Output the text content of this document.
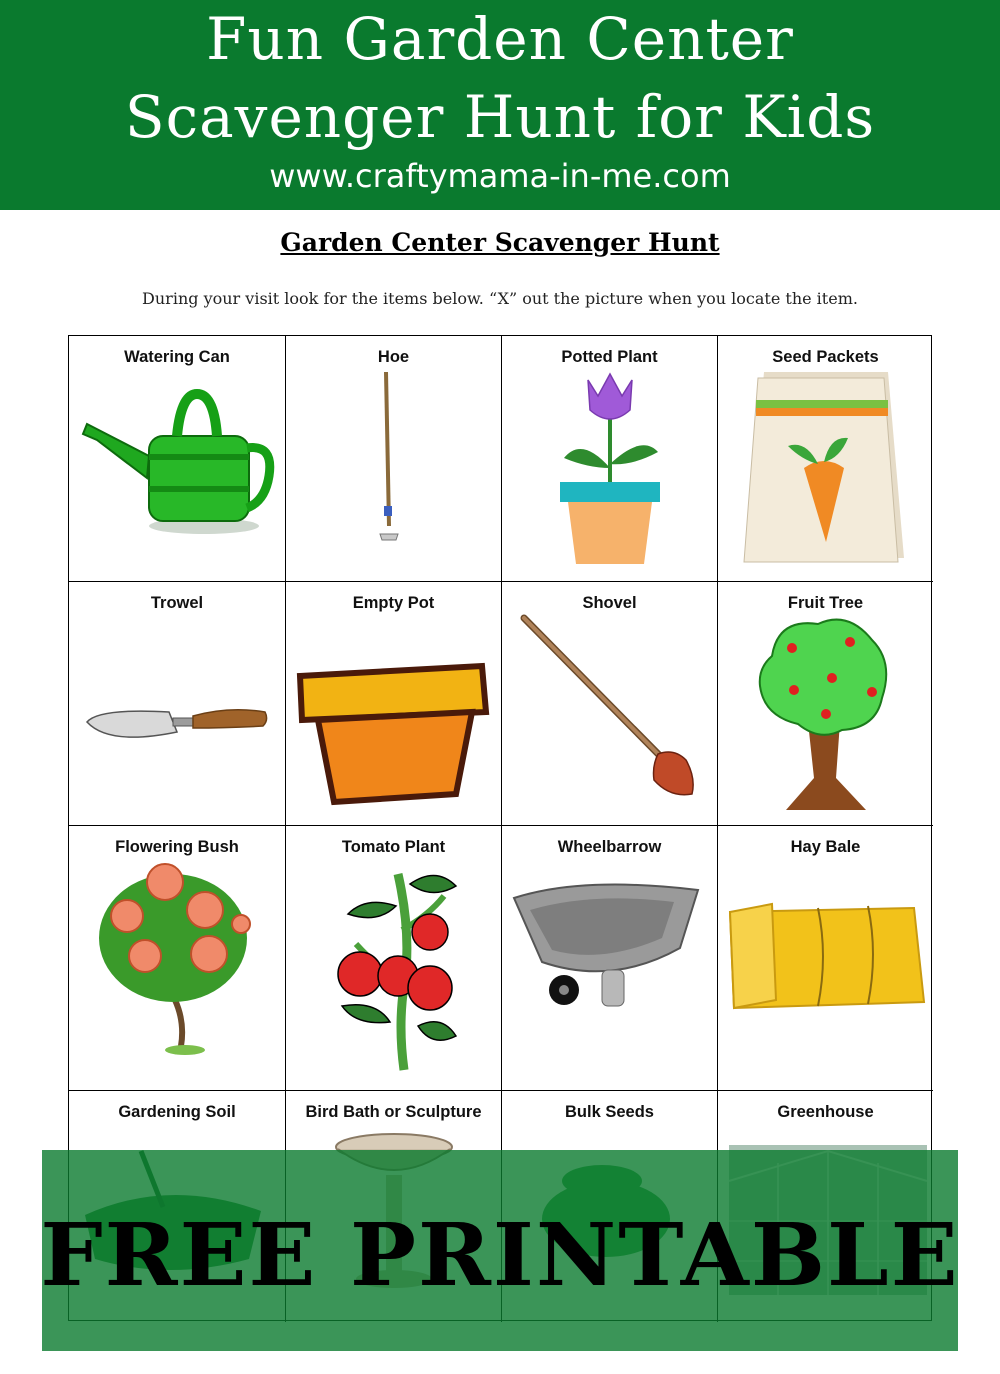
Fun Garden Center
Scavenger Hunt for Kids
www.craftymama-in-me.com
Garden Center Scavenger Hunt
During your visit look for the items below. “X” out the picture when you locate the item.
Watering Can	Hoe	Potted Plant	Seed Packets
Trowel	Empty Pot	Shovel	Fruit Tree
Flowering Bush	Tomato Plant	Wheelbarrow	Hay Bale
Gardening Soil	Bird Bath or Sculpture	Bulk Seeds	Greenhouse
FREE PRINTABLE
